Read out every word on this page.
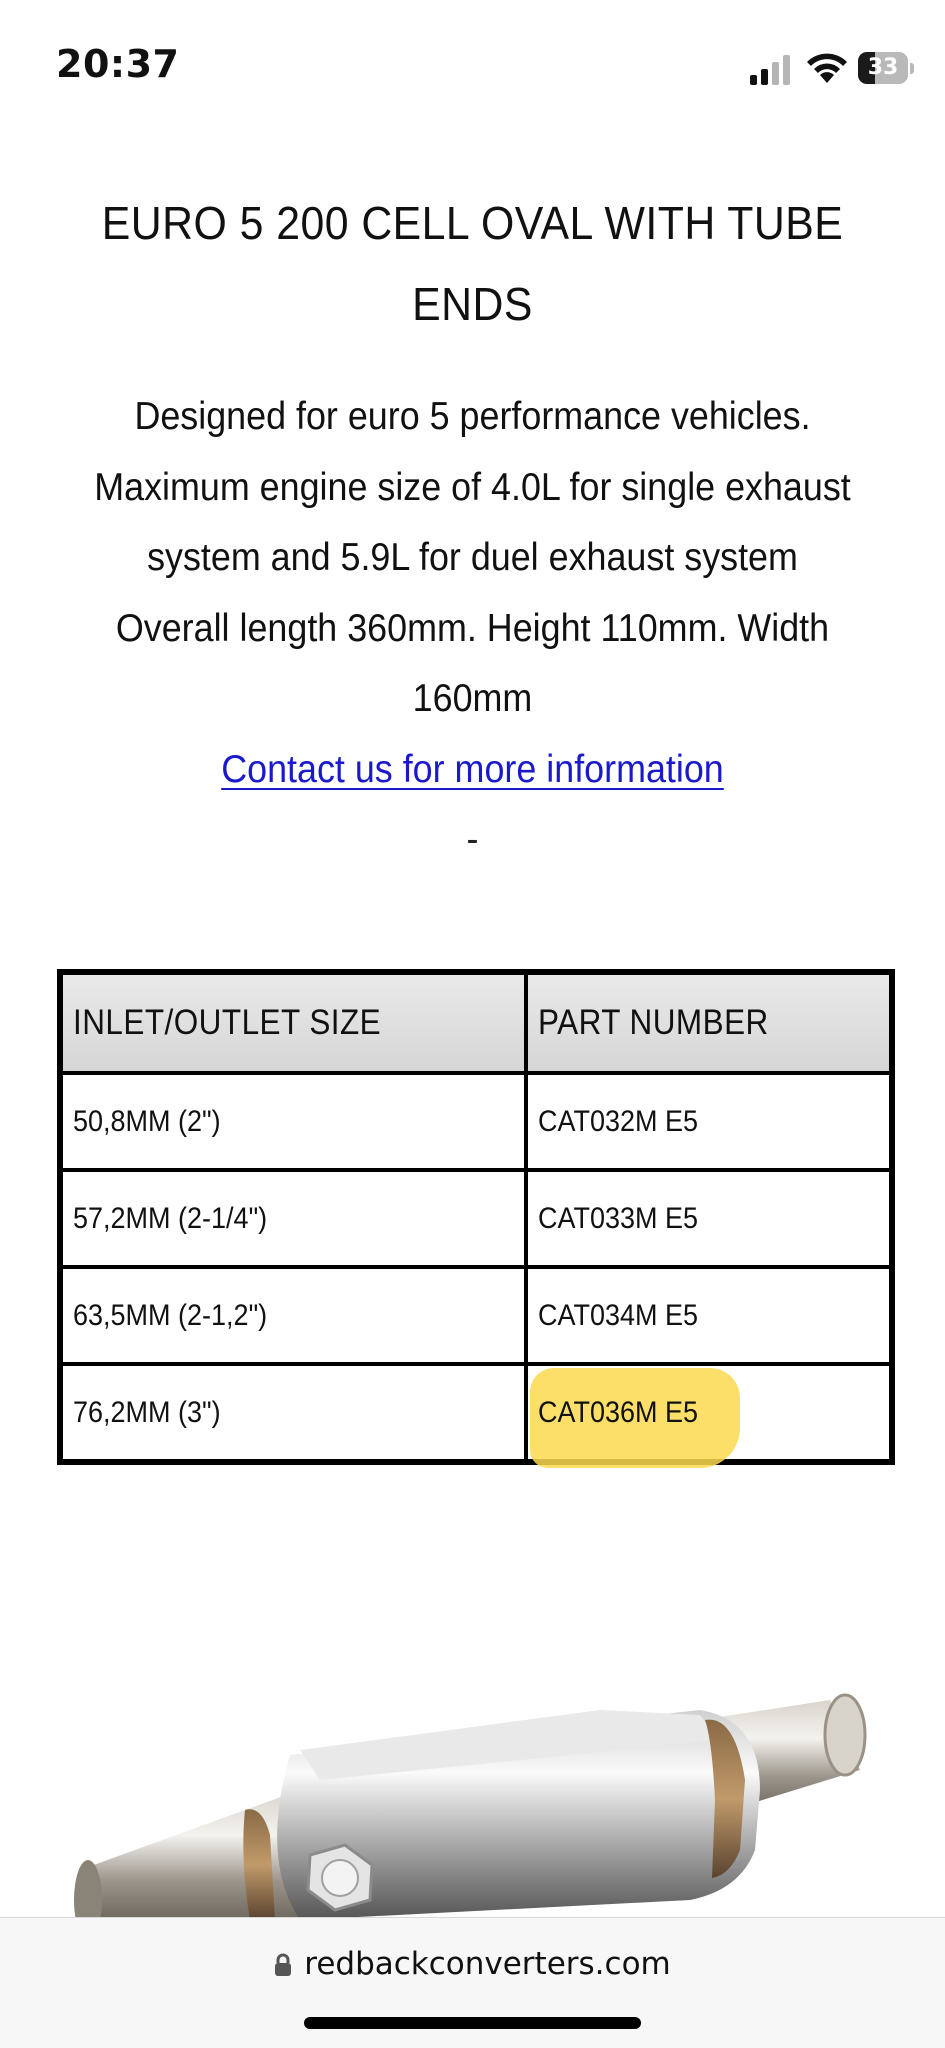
20:37	33
EURO 5 200 CELL OVAL WITH TUBE ENDS

Designed for euro 5 performance vehicles.

Maximum engine size of 4.0L for single exhaust system and 5.9L for duel exhaust system

Overall length 360mm. Height 110mm. Width 160mm

Contact us for more information

-

INLET/OUTLET SIZE	PART NUMBER
50,8MM (2")	CAT032M E5
57,2MM (2-1/4")	CAT033M E5
63,5MM (2-1,2")	CAT034M E5
76,2MM (3")	CAT036M E5
redbackconverters.com
